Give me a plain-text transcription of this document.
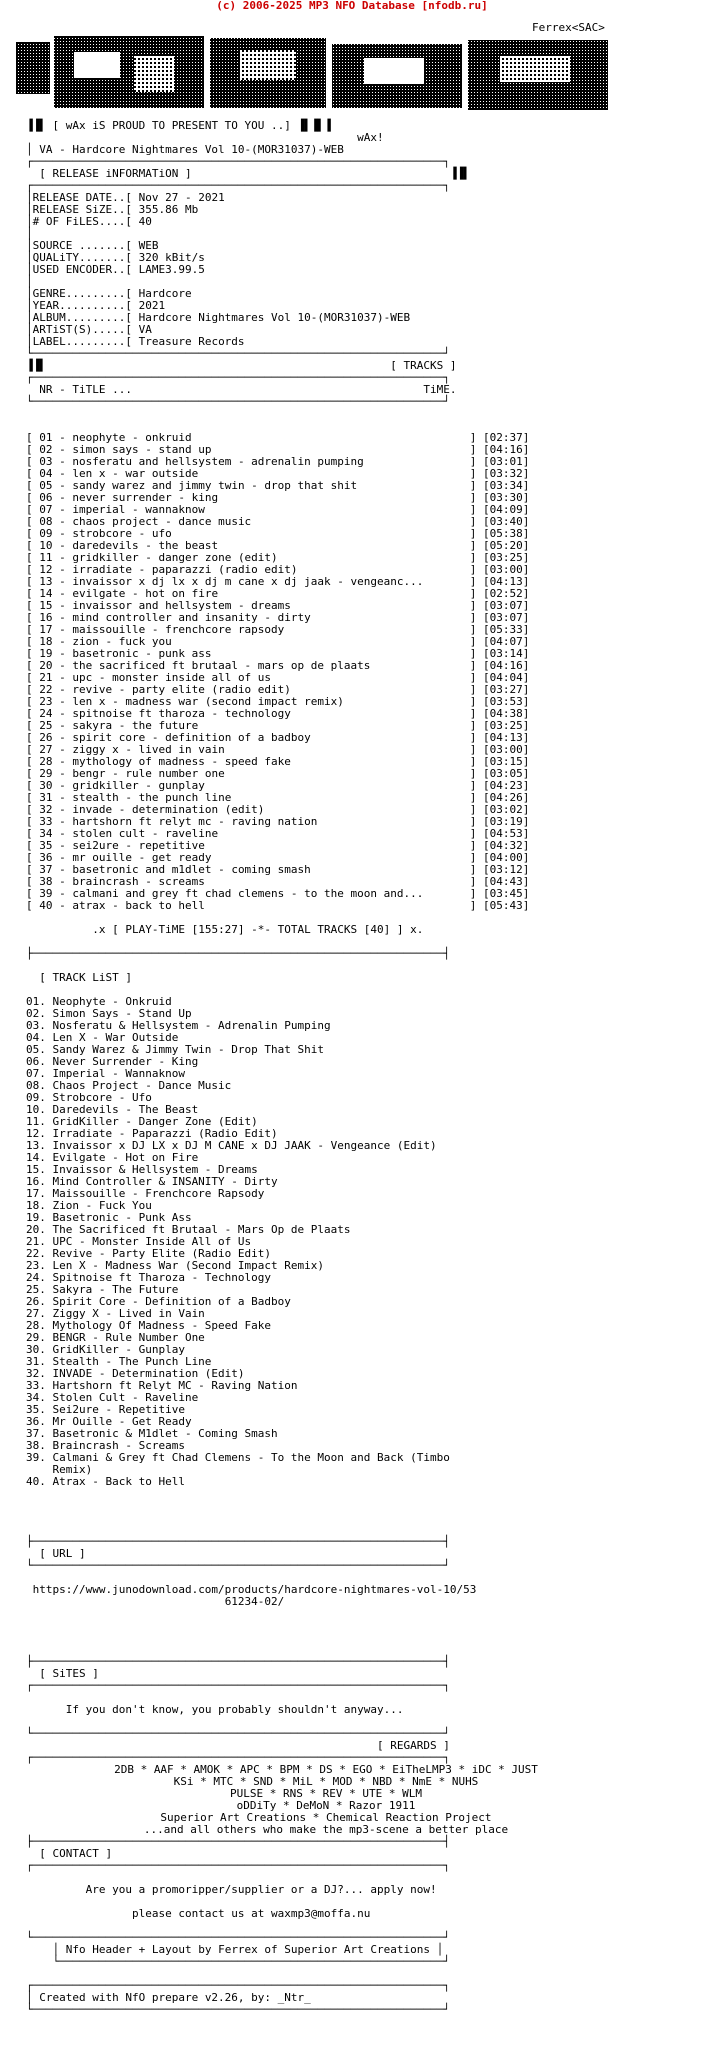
(c) 2006-2025 MP3 NFO Database [nfodb.ru]
Ferrex<SAC>
▐▐▌ [ wAx iS PROUD TO PRESENT TO YOU ..] ▐▌▐▌▐
wAx!
│ VA - Hardcore Nightmares Vol 10-(MOR31037)-WEB
┌──────────────────────────────────────────────────────────────┐
[ RELEASE iNFORMATiON ]                                       ▐▐▌
┌──────────────────────────────────────────────────────────────┐
│RELEASE DATE..[ Nov 27 - 2021
│RELEASE SiZE..[ 355.86 Mb
│# OF FiLES....[ 40
│
│SOURCE .......[ WEB
│QUALiTY.......[ 320 kBit/s
│USED ENCODER..[ LAME3.99.5
│
│GENRE.........[ Hardcore
│YEAR..........[ 2021
│ALBUM.........[ Hardcore Nightmares Vol 10-(MOR31037)-WEB
│ARTiST(S).....[ VA
│LABEL.........[ Treasure Records
└──────────────────────────────────────────────────────────────┘
▐▐▌                                                    [ TRACKS ]
┌──────────────────────────────────────────────────────────────┐
NR - TiTLE ...	TiME.
└──────────────────────────────────────────────────────────────┘

[ 01 - neophyte - onkruid                                          ] [02:37]
[ 02 - simon says - stand up                                       ] [04:16]
[ 03 - nosferatu and hellsystem - adrenalin pumping                ] [03:01]
[ 04 - len x - war outside                                         ] [03:32]
[ 05 - sandy warez and jimmy twin - drop that shit                 ] [03:34]
[ 06 - never surrender - king                                      ] [03:30]
[ 07 - imperial - wannaknow                                        ] [04:09]
[ 08 - chaos project - dance music                                 ] [03:40]
[ 09 - strobcore - ufo                                             ] [05:38]
[ 10 - daredevils - the beast                                      ] [05:20]
[ 11 - gridkiller - danger zone (edit)                             ] [03:25]
[ 12 - irradiate - paparazzi (radio edit)                          ] [03:00]
[ 13 - invaissor x dj lx x dj m cane x dj jaak - vengeanc...       ] [04:13]
[ 14 - evilgate - hot on fire                                      ] [02:52]
[ 15 - invaissor and hellsystem - dreams                           ] [03:07]
[ 16 - mind controller and insanity - dirty                        ] [03:07]
[ 17 - maissouille - frenchcore rapsody                            ] [05:33]
[ 18 - zion - fuck you                                             ] [04:07]
[ 19 - basetronic - punk ass                                       ] [03:14]
[ 20 - the sacrificed ft brutaal - mars op de plaats               ] [04:16]
[ 21 - upc - monster inside all of us                              ] [04:04]
[ 22 - revive - party elite (radio edit)                           ] [03:27]
[ 23 - len x - madness war (second impact remix)                   ] [03:53]
[ 24 - spitnoise ft tharoza - technology                           ] [04:38]
[ 25 - sakyra - the future                                         ] [03:25]
[ 26 - spirit core - definition of a badboy                        ] [04:13]
[ 27 - ziggy x - lived in vain                                     ] [03:00]
[ 28 - mythology of madness - speed fake                           ] [03:15]
[ 29 - bengr - rule number one                                     ] [03:05]
[ 30 - gridkiller - gunplay                                        ] [04:23]
[ 31 - stealth - the punch line                                    ] [04:26]
[ 32 - invade - determination (edit)                               ] [03:02]
[ 33 - hartshorn ft relyt mc - raving nation                       ] [03:19]
[ 34 - stolen cult - raveline                                      ] [04:53]
[ 35 - sei2ure - repetitive                                        ] [04:32]
[ 36 - mr ouille - get ready                                       ] [04:00]
[ 37 - basetronic and m1dlet - coming smash                        ] [03:12]
[ 38 - braincrash - screams                                        ] [04:43]
[ 39 - calmani and grey ft chad clemens - to the moon and...       ] [03:45]
[ 40 - atrax - back to hell                                        ] [05:43]

.x [ PLAY-TiME [155:27] -*- TOTAL TRACKS [40] ] x.

├──────────────────────────────────────────────────────────────┤

[ TRACK LiST ]

01. Neophyte - Onkruid
02. Simon Says - Stand Up
03. Nosferatu & Hellsystem - Adrenalin Pumping
04. Len X - War Outside
05. Sandy Warez & Jimmy Twin - Drop That Shit
06. Never Surrender - King
07. Imperial - Wannaknow
08. Chaos Project - Dance Music
09. Strobcore - Ufo
10. Daredevils - The Beast
11. GridKiller - Danger Zone (Edit)
12. Irradiate - Paparazzi (Radio Edit)
13. Invaissor x DJ LX x DJ M CANE x DJ JAAK - Vengeance (Edit)
14. Evilgate - Hot on Fire
15. Invaissor & Hellsystem - Dreams
16. Mind Controller & INSANITY - Dirty
17. Maissouille - Frenchcore Rapsody
18. Zion - Fuck You
19. Basetronic - Punk Ass
20. The Sacrificed ft Brutaal - Mars Op de Plaats
21. UPC - Monster Inside All of Us
22. Revive - Party Elite (Radio Edit)
23. Len X - Madness War (Second Impact Remix)
24. Spitnoise ft Tharoza - Technology
25. Sakyra - The Future
26. Spirit Core - Definition of a Badboy
27. Ziggy X - Lived in Vain
28. Mythology Of Madness - Speed Fake
29. BENGR - Rule Number One
30. GridKiller - Gunplay
31. Stealth - The Punch Line
32. INVADE - Determination (Edit)
33. Hartshorn ft Relyt MC - Raving Nation
34. Stolen Cult - Raveline
35. Sei2ure - Repetitive
36. Mr Ouille - Get Ready
37. Basetronic & M1dlet - Coming Smash
38. Braincrash - Screams
39. Calmani & Grey ft Chad Clemens - To the Moon and Back (Timbo
Remix)
40. Atrax - Back to Hell

├──────────────────────────────────────────────────────────────┤
[ URL ]
└──────────────────────────────────────────────────────────────┘

https://www.junodownload.com/products/hardcore-nightmares-vol-10/53
61234-02/

├──────────────────────────────────────────────────────────────┤
[ SiTES ]
┌──────────────────────────────────────────────────────────────┐

If you don't know, you probably shouldn't anyway...

└──────────────────────────────────────────────────────────────┘
[ REGARDS ]
┌──────────────────────────────────────────────────────────────┐
2DB * AAF * AMOK * APC * BPM * DS * EGO * EiTheLMP3 * iDC * JUST
KSi * MTC * SND * MiL * MOD * NBD * NmE * NUHS
PULSE * RNS * REV * UTE * WLM
oDDiTy * DeMoN * Razor 1911
Superior Art Creations * Chemical Reaction Project
...and all others who make the mp3-scene a better place
├──────────────────────────────────────────────────────────────┤
[ CONTACT ]
┌──────────────────────────────────────────────────────────────┐

Are you a promoripper/supplier or a DJ?... apply now!

please contact us at waxmp3@moffa.nu

└──────────────────────────────────────────────────────────────┘
│ Nfo Header + Layout by Ferrex of Superior Art Creations │
└──────────────────────────────────────────────────────────┘

┌──────────────────────────────────────────────────────────────┐
│ Created with NfO prepare v2.26, by: _Ntr_
└──────────────────────────────────────────────────────────────┘
